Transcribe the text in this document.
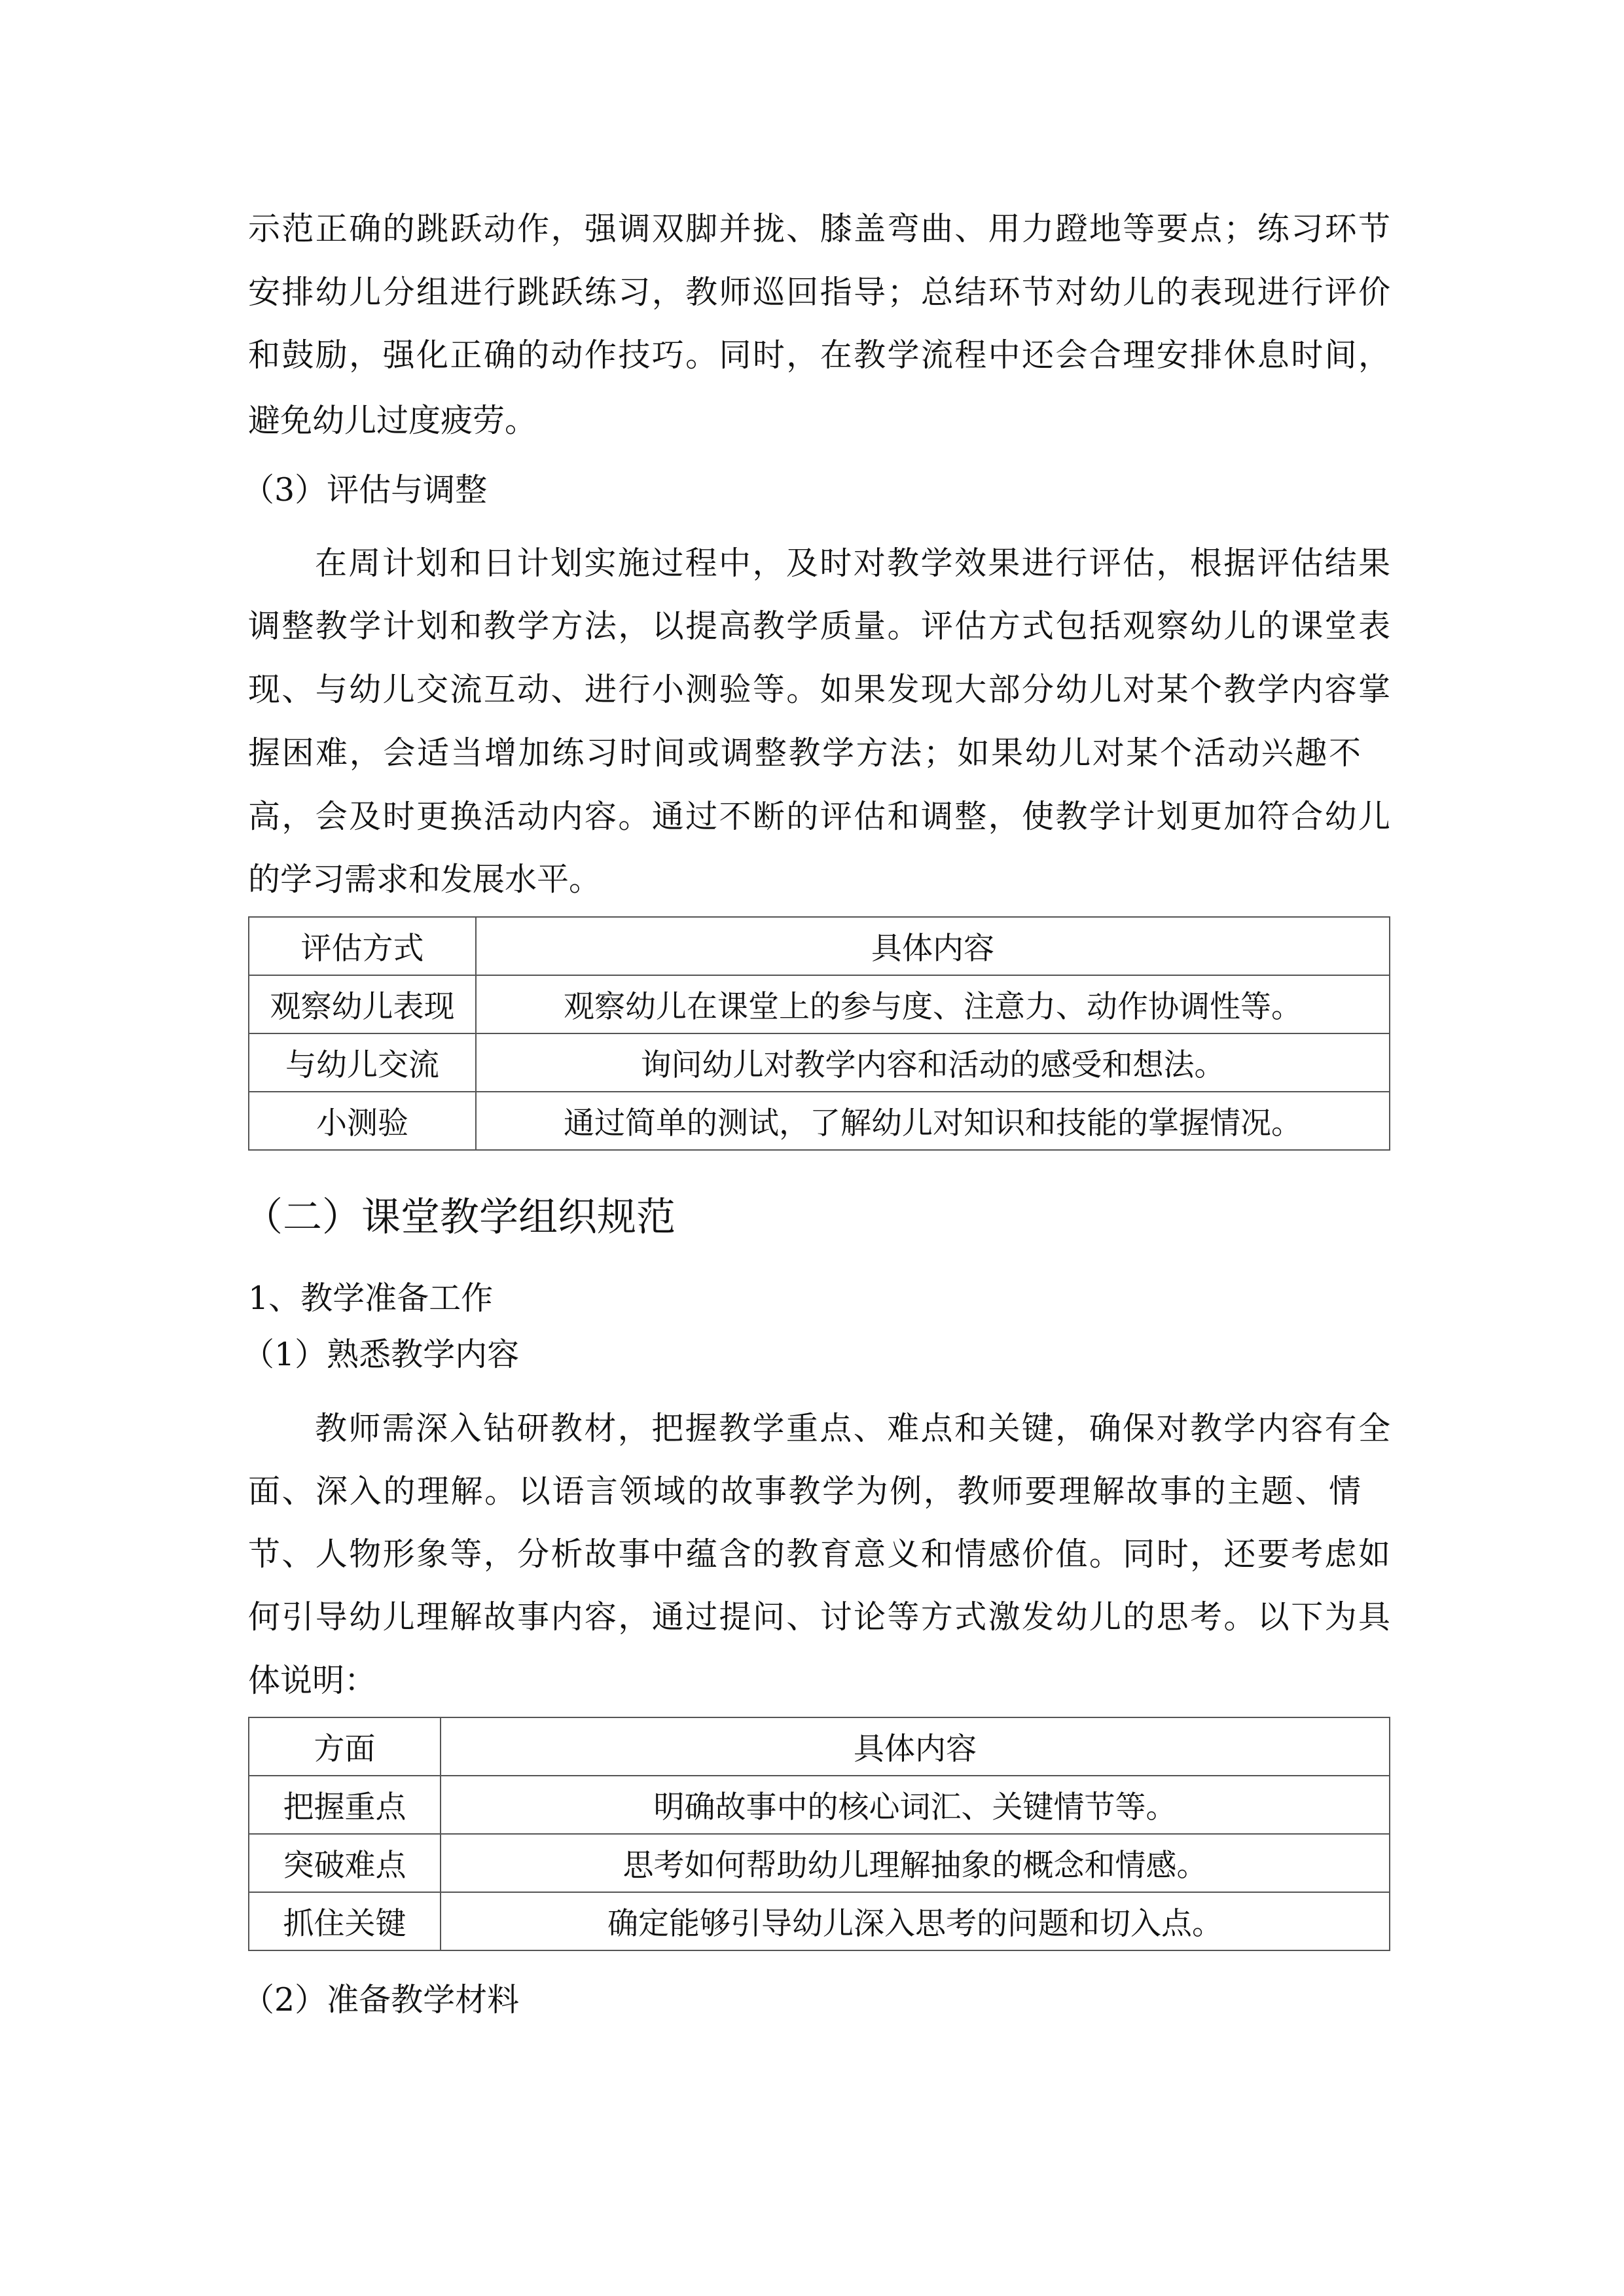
示范正确的跳跃动作，强调双脚并拢、膝盖弯曲、用力蹬地等要点；练习环节
安排幼儿分组进行跳跃练习，教师巡回指导；总结环节对幼儿的表现进行评价
和鼓励，强化正确的动作技巧。同时，在教学流程中还会合理安排休息时间，
避免幼儿过度疲劳。
（3）评估与调整
在周计划和日计划实施过程中，及时对教学效果进行评估，根据评估结果
调整教学计划和教学方法，以提高教学质量。评估方式包括观察幼儿的课堂表
现、与幼儿交流互动、进行小测验等。如果发现大部分幼儿对某个教学内容掌
握困难，会适当增加练习时间或调整教学方法；如果幼儿对某个活动兴趣不
高，会及时更换活动内容。通过不断的评估和调整，使教学计划更加符合幼儿
的学习需求和发展水平。
评估方式	具体内容
观察幼儿表现	观察幼儿在课堂上的参与度、注意力、动作协调性等。
与幼儿交流	询问幼儿对教学内容和活动的感受和想法。
小测验	通过简单的测试，了解幼儿对知识和技能的掌握情况。
（二）课堂教学组织规范
1、教学准备工作
（1）熟悉教学内容
教师需深入钻研教材，把握教学重点、难点和关键，确保对教学内容有全
面、深入的理解。以语言领域的故事教学为例，教师要理解故事的主题、情
节、人物形象等，分析故事中蕴含的教育意义和情感价值。同时，还要考虑如
何引导幼儿理解故事内容，通过提问、讨论等方式激发幼儿的思考。以下为具
体说明：
方面	具体内容
把握重点	明确故事中的核心词汇、关键情节等。
突破难点	思考如何帮助幼儿理解抽象的概念和情感。
抓住关键	确定能够引导幼儿深入思考的问题和切入点。
（2）准备教学材料
